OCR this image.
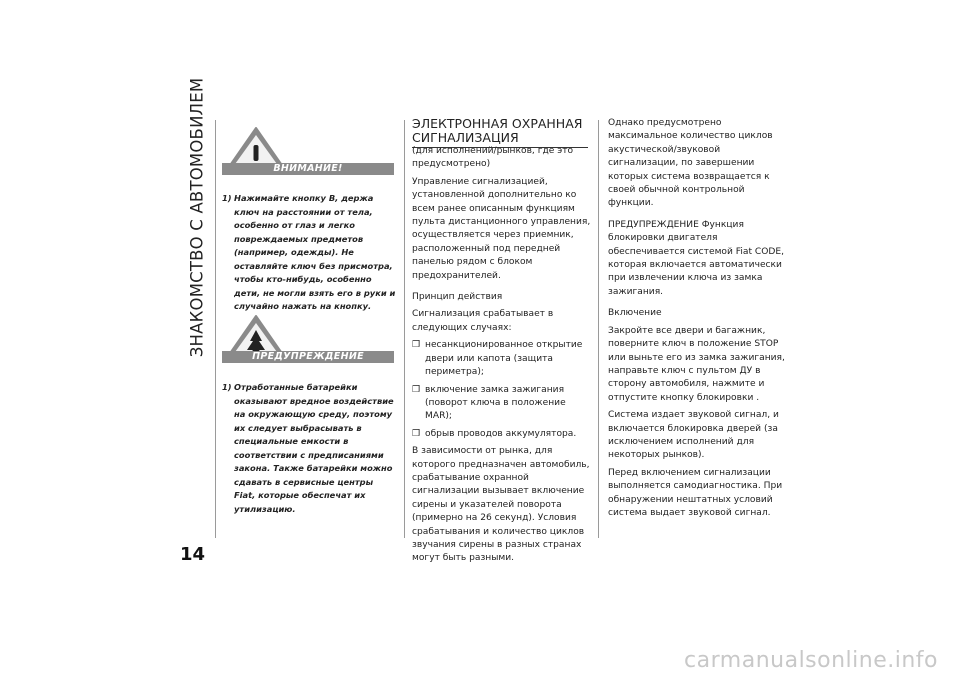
ЗНАКОМСТВО С АВТОМОБИЛЕМ
14
ВНИМАНИЕ!

1) Нажимайте кнопку B, держа ключ на расстоянии от тела, особенно от глаз и легко повреждаемых предметов (например, одежды). Не оставляйте ключ без присмотра, чтобы кто-нибудь, особенно дети, не могли взять его в руки и случайно нажать на кнопку.

ПРЕДУПРЕЖДЕНИЕ

1) Отработанные батарейки оказывают вредное воздействие на окружающую среду, поэтому их следует выбрасывать в специальные емкости в соответствии с предписаниями закона. Также батарейки можно сдавать в сервисные центры Fiat, которые обеспечат их утилизацию.

ЭЛЕКТРОННАЯ ОХРАННАЯ СИГНАЛИЗАЦИЯ

(для исполнений/рынков, где это предусмотрено)

Управление сигнализацией, установленной дополнительно ко всем ранее описанным функциям пульта дистанционного управления, осуществляется через приемник, расположенный под передней панелью рядом с блоком предохранителей.

Принцип действия

Сигнализация срабатывает в следующих случаях:

❒ несанкционированное открытие двери или капота (защита периметра);

❒ включение замка зажигания (поворот ключа в положение MAR);

❒ обрыв проводов аккумулятора.

В зависимости от рынка, для которого предназначен автомобиль, срабатывание охранной сигнализации вызывает включение сирены и указателей поворота (примерно на 26 секунд). Условия срабатывания и количество циклов звучания сирены в разных странах могут быть разными.

Однако предусмотрено максимальное количество циклов акустической/звуковой сигнализации, по завершении которых система возвращается к своей обычной контрольной функции.

ПРЕДУПРЕЖДЕНИЕ Функция блокировки двигателя обеспечивается системой Fiat CODE, которая включается автоматически при извлечении ключа из замка зажигания.

Включение

Закройте все двери и багажник, поверните ключ в положение STOP или выньте его из замка зажигания, направьте ключ с пультом ДУ в сторону автомобиля, нажмите и отпустите кнопку блокировки .

Система издает звуковой сигнал, и включается блокировка дверей (за исключением исполнений для некоторых рынков).

Перед включением сигнализации выполняется самодиагностика. При обнаружении нештатных условий система выдает звуковой сигнал.

carmanualsonline.info
